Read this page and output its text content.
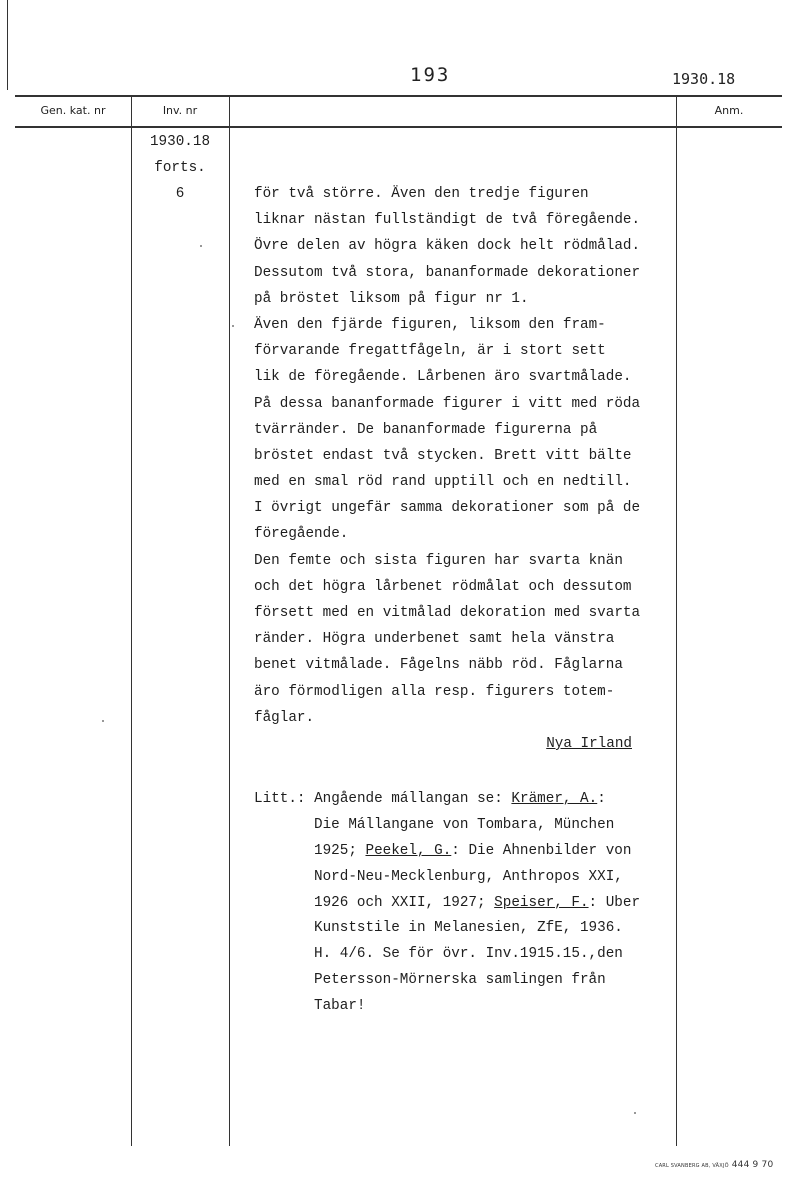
193	1930.18
Gen. kat. nr	Inv. nr	Anm.
1930.18
forts.
6	för två större. Även den tredje figuren
liknar nästan fullständigt de två föregående.
Övre delen av högra käken dock helt rödmålad.
Dessutom två stora, bananformade dekorationer
på bröstet liksom på figur nr 1.
Även den fjärde figuren, liksom den fram-
förvarande fregattfågeln, är i stort sett
lik de föregående. Lårbenen äro svartmålade.
På dessa bananformade figurer i vitt med röda
tvärränder. De bananformade figurerna på
bröstet endast två stycken. Brett vitt bälte
med en smal röd rand upptill och en nedtill.
I övrigt ungefär samma dekorationer som på de
föregående.
Den femte och sista figuren har svarta knän
och det högra lårbenet rödmålat och dessutom
försett med en vitmålad dekoration med svarta
ränder. Högra underbenet samt hela vänstra
benet vitmålade. Fågelns näbb röd. Fåglarna
äro förmodligen alla resp. figurers totem-
fåglar.
Nya Irland
Litt.: Angående mállangan se: Krämer, A.:
Die Mállangane von Tombara, München
1925; Peekel, G.: Die Ahnenbilder von
Nord-Neu-Mecklenburg, Anthropos XXI,
1926 och XXII, 1927; Speiser, F.: Uber
Kunststile in Melanesien, ZfE, 1936.
H. 4/6. Se för övr. Inv.1915.15.,den
Petersson-Mörnerska samlingen från
Tabar!
CARL SVANBERG AB, VÄXJÖ 444 9 70
